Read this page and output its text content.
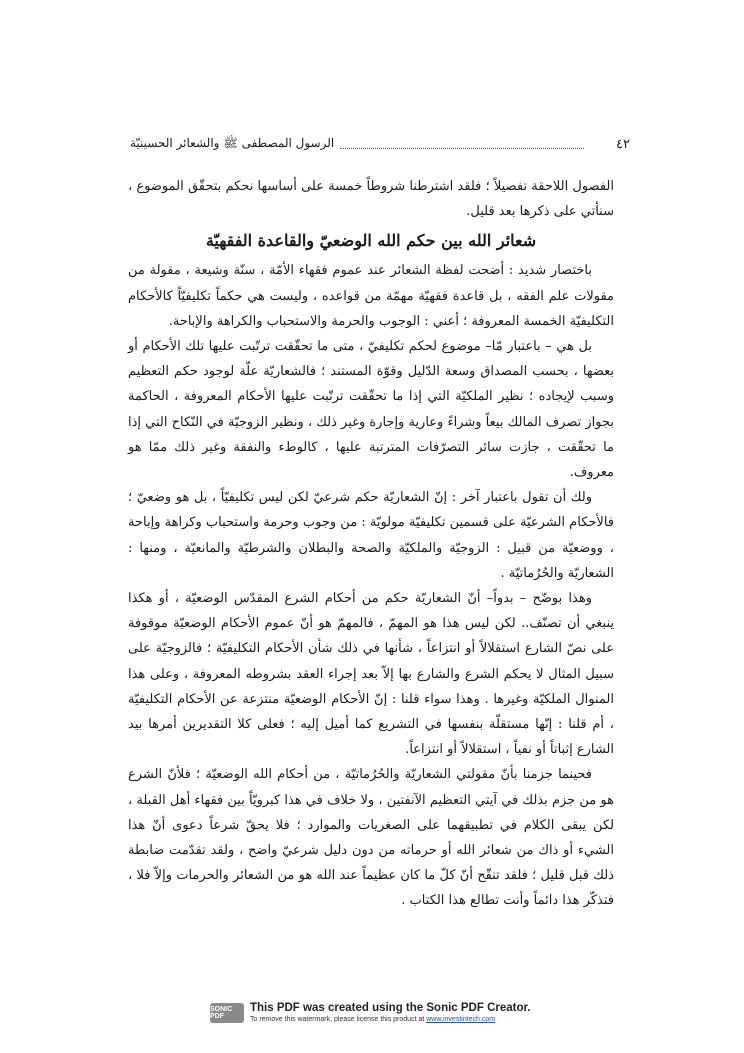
٤٢
الرسول المصطفى ﷺ والشعائر الحسينيّة

الفصول اللاحقة تفصيلاً ؛ فلقد اشترطنا شروطاً خمسة على أساسها نحكم بتحقّق الموضوع ، سنأتي على ذكرها بعد قليل.

شعائر الله بين حكم الله الوضعيّ والقاعدة الفقهيّة

باختصار شديد : أضحت لفظة الشعائر عند عموم فقهاء الأمّة ، سنّة وشيعة ، مقولة من مقولات علم الفقه ، بل قاعدة فقهيّة مهمّة من قواعده ، وليست هي حكماً تكليفيّاً كالأحكام التكليفيّة الخمسة المعروفة ؛ أعني : الوجوب والحرمة والاستحباب والكراهة والإباحة.

بل هي – باعتبار مّا– موضوع لحكم تكليفيّ ، متى ما تحقّقت ترتّبت عليها تلك الأحكام أو بعضها ، بحسب المصداق وسعة الدّليل وقوّة المستند ؛ فالشعاريّة علّة لوجود حكم التعظيم وسبب لإيجاده ؛ نظير الملكيّة التي إذا ما تحقّقت ترتّبت عليها الأحكام المعروفة ، الحاكمة بجواز تصرف المالك بيعاً وشراءً وعارية وإجارة وغير ذلك ، ونظير الزوجيّة في النّكاح التي إذا ما تحقّقت ، جازت سائر التصرّفات المترتبة عليها ، كالوطء والنفقة وغير ذلك ممّا هو معروف.

ولك أن تقول باعتبار آخر : إنّ الشعاريّة حكم شرعيّ لكن ليس تكليفيّاً ، بل هو وضعيّ ؛ فالأحكام الشرعيّة على قسمين تكليفيّة مولويّة : من وجوب وحرمة واستحباب وكراهة وإباحة ، ووضعيّة من قبيل : الزوجيّة والملكيّة والصحة والبطلان والشرطيّة والمانعيّة ، ومنها : الشعاريّة والحُرُماتيّة .

وهذا بوضّح – بدواً– أنّ الشعاريّة حكم من أحكام الشرع المقدّس الوضعيّة ، أو هكذا ينبغي أن تصنّف.. لكن ليس هذا هو المهمّ ، فالمهمّ هو أنّ عموم الأحكام الوضعيّة موقوفة على نصّ الشارع استقلالاً أو انتزاعاً ، شأنها في ذلك شأن الأحكام التكليفيّة ؛ فالزوجيّة على سبيل المثال لا يحكم الشرع والشارع بها إلاّ بعد إجراء العقد بشروطه المعروفة ، وعلى هذا المنوال الملكيّة وغيرها . وهذا سواء قلنا : إنّ الأحكام الوضعيّة منتزعة عن الأحكام التكليفيّة ، أم قلنا : إنّها مستقلّة بنفسها في التشريع كما أميل إليه ؛ فعلى كلا التقديرين أمرها بيد الشارع إثباتاً أو نفياً ، استقلالاً أو انتزاعاً.

فحينما جزمنا بأنّ مقولتي الشعاريّة والحُرُماتيّة ، من أحكام الله الوضعيّة ؛ فلأنّ الشرع هو من جزم بذلك في آيتي التعظيم الآنفتين ، ولا خلاف في هذا كبرويّاً بين فقهاء أهل القبلة ، لكن يبقى الكلام في تطبيقهما على الصغريات والموارد ؛ فلا يحقّ شرعاً دعوى أنّ هذا الشيء أو ذاك من شعائر الله أو حرماته من دون دليل شرعيّ واضح ، ولقد تقدّمت ضابطة ذلك قبل قليل ؛ فلقد تنقّح أنّ كلّ ما كان عظيماً عند الله هو من الشعائر والحرمات وإلاّ فلا ، فتذكّر هذا دائماً وأنت تطالع هذا الكتاب .

SONIC PDF
This PDF was created using the Sonic PDF Creator.
To remove this watermark, please license this product at www.investintech.com
